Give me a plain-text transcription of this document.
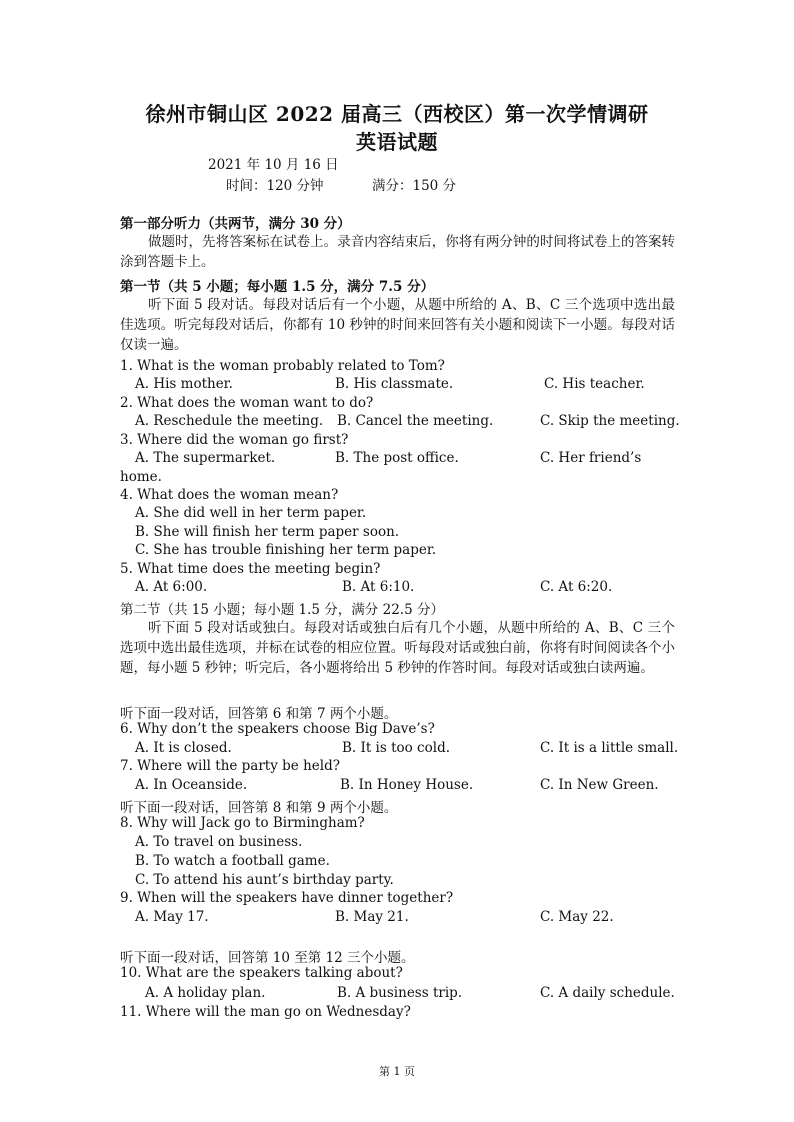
徐州市铜山区 2022 届高三（西校区）第一次学情调研
英语试题
2021 年 10 月 16 日
时间：120 分钟	满分：150 分
第一部分听力（共两节，满分 30 分）
做题时，先将答案标在试卷上。录音内容结束后，你将有两分钟的时间将试卷上的答案转涂到答题卡上。
第一节（共 5 小题；每小题 1.5 分，满分 7.5 分）
听下面 5 段对话。每段对话后有一个小题，从题中所给的 A、B、C 三个选项中选出最佳选项。听完每段对话后，你都有 10 秒钟的时间来回答有关小题和阅读下一小题。每段对话仅读一遍。
1. What is the woman probably related to Tom?
A. His mother.	B. His classmate.	C. His teacher.
2. What does the woman want to do?
A. Reschedule the meeting. B. Cancel the meeting.	C. Skip the meeting.
3. Where did the woman go first?
A. The supermarket.	B. The post office.	C. Her friend’s
home.
4. What does the woman mean?
A. She did well in her term paper.
B. She will finish her term paper soon.
C. She has trouble finishing her term paper.
5. What time does the meeting begin?
A. At 6:00.	B. At 6:10.	C. At 6:20.
第二节（共 15 小题；每小题 1.5 分，满分 22.5 分）
听下面 5 段对话或独白。每段对话或独白后有几个小题，从题中所给的 A、B、C 三个选项中选出最佳选项，并标在试卷的相应位置。听每段对话或独白前，你将有时间阅读各个小题，每小题 5 秒钟；听完后，各小题将给出 5 秒钟的作答时间。每段对话或独白读两遍。
听下面一段对话，回答第 6 和第 7 两个小题。
6. Why don’t the speakers choose Big Dave’s?
A. It is closed.	B. It is too cold.	C. It is a little small.
7. Where will the party be held?
A. In Oceanside.	B. In Honey House.	C. In New Green.
听下面一段对话，回答第 8 和第 9 两个小题。
8. Why will Jack go to Birmingham?
A. To travel on business.
B. To watch a football game.
C. To attend his aunt’s birthday party.
9. When will the speakers have dinner together?
A. May 17.	B. May 21.	C. May 22.
听下面一段对话，回答第 10 至第 12 三个小题。
10. What are the speakers talking about?
A. A holiday plan.	B. A business trip.	C. A daily schedule.
11. Where will the man go on Wednesday?
第 1 页
